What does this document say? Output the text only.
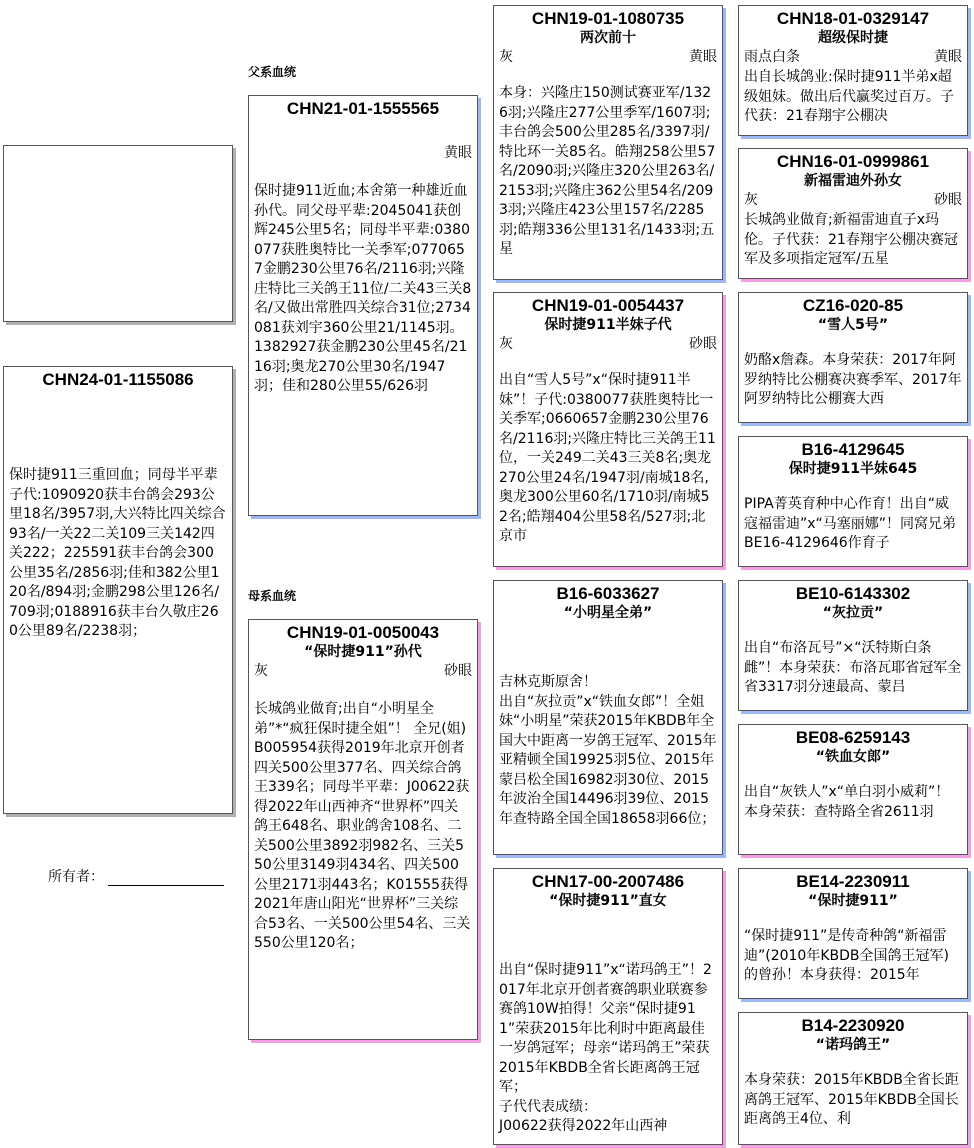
父系血统
母系血统
CHN24-01-1155086
保时捷911三重回血；同母半平辈子代:1090920获丰台鸽会293公里18名/3957羽,大兴特比四关综合93名/一关22二关109三关142四关222；225591获丰台鸽会300公里35名/2856羽;佳和382公里120名/894羽;金鹏298公里126名/709羽;0188916获丰台久敬庄260公里89名/2238羽；
所有者：
CHN21-01-1555565
黄眼
保时捷911近血;本舍第一种雄近血孙代。同父母平辈:2045041获创辉245公里5名；同母半平辈:0380077获胜奥特比一关季军;0770657金鹏230公里76名/2116羽;兴隆庄特比三关鸽王11位/二关43三关8名/又做出常胜四关综合31位;2734081获刘宇360公里21/1145羽。1382927获金鹏230公里45名/2116羽;奥龙270公里30名/1947羽；佳和280公里55/626羽
CHN19-01-0050043
“保时捷911”孙代
灰	砂眼
长城鸽业做育;出自“小明星全弟”*“疯狂保时捷全姐”！ 全兄(姐)B005954获得2019年北京开创者四关500公里377名、四关综合鸽王339名；同母半平辈：J00622获得2022年山西神齐“世界杯”四关鸽王648名、职业鸽舍108名、二关500公里3892羽982名、三关550公里3149羽434名、四关500公里2171羽443名；K01555获得2021年唐山阳光“世界杯”三关综合53名、一关500公里54名、三关550公里120名；
CHN19-01-1080735
两次前十
灰	黄眼
本身：兴隆庄150测试赛亚军/1326羽;兴隆庄277公里季军/1607羽;丰台鸽会500公里285名/3397羽/特比环一关85名。皓翔258公里57名/2090羽;兴隆庄320公里263名/2153羽;兴隆庄362公里54名/2093羽;兴隆庄423公里157名/2285羽;皓翔336公里131名/1433羽;五星
CHN19-01-0054437
保时捷911半妹子代
灰	砂眼
出自“雪人5号”x“保时捷911半妹”！子代:0380077获胜奥特比一关季军;0660657金鹏230公里76名/2116羽;兴隆庄特比三关鸽王11位，一关249二关43三关8名;奥龙270公里24名/1947羽/南城18名,奥龙300公里60名/1710羽/南城52名;皓翔404公里58名/527羽;北京市
B16-6033627
“小明星全弟”
吉林克斯原舍！
出自“灰拉贡”x“铁血女郎”！全姐妹“小明星”荣获2015年KBDB年全国大中距离一岁鸽王冠军、2015年亚精顿全国19925羽5位、2015年蒙吕松全国16982羽30位、2015年波治全国14496羽39位、2015年查特路全国全国18658羽66位；
CHN17-00-2007486
“保时捷911”直女
出自“保时捷911”x“诺玛鸽王”！2017年北京开创者赛鸽职业联赛参赛鸽10W拍得！父亲“保时捷911”荣获2015年比利时中距离最佳一岁鸽冠军；母亲“诺玛鸽王”荣获2015年KBDB全省长距离鸽王冠军；
子代代表成绩：
J00622获得2022年山西神
CHN18-01-0329147
超级保时捷
雨点白条	黄眼
出自长城鸽业:保时捷911半弟x超级姐妹。做出后代赢奖过百万。子代获：21春翔宇公棚决
CHN16-01-0999861
新福雷迪外孙女
灰	砂眼
长城鸽业做育;新福雷迪直子x玛伦。子代获：21春翔宇公棚决赛冠军及多项指定冠军/五星
CZ16-020-85
“雪人5号”
奶酪x詹森。本身荣获：2017年阿罗纳特比公棚赛决赛季军、2017年阿罗纳特比公棚赛大西
B16-4129645
保时捷911半妹645
PIPA菁英育种中心作育！出自“威寇福雷迪”x“马塞丽娜”！同窝兄弟BE16-4129646作育子
BE10-6143302
“灰拉贡”
出自“布洛瓦号”×“沃特斯白条雌”！本身荣获：布洛瓦耶省冠军全省3317羽分速最高、蒙吕
BE08-6259143
“铁血女郎”
出自“灰铁人”x“单白羽小威莉”！
本身荣获：查特路全省2611羽
BE14-2230911
“保时捷911”
“保时捷911”是传奇种鸽“新福雷迪”(2010年KBDB全国鸽王冠军)的曾孙！本身获得：2015年
B14-2230920
“诺玛鸽王”
本身荣获：2015年KBDB全省长距离鸽王冠军、2015年KBDB全国长距离鸽王4位、利
